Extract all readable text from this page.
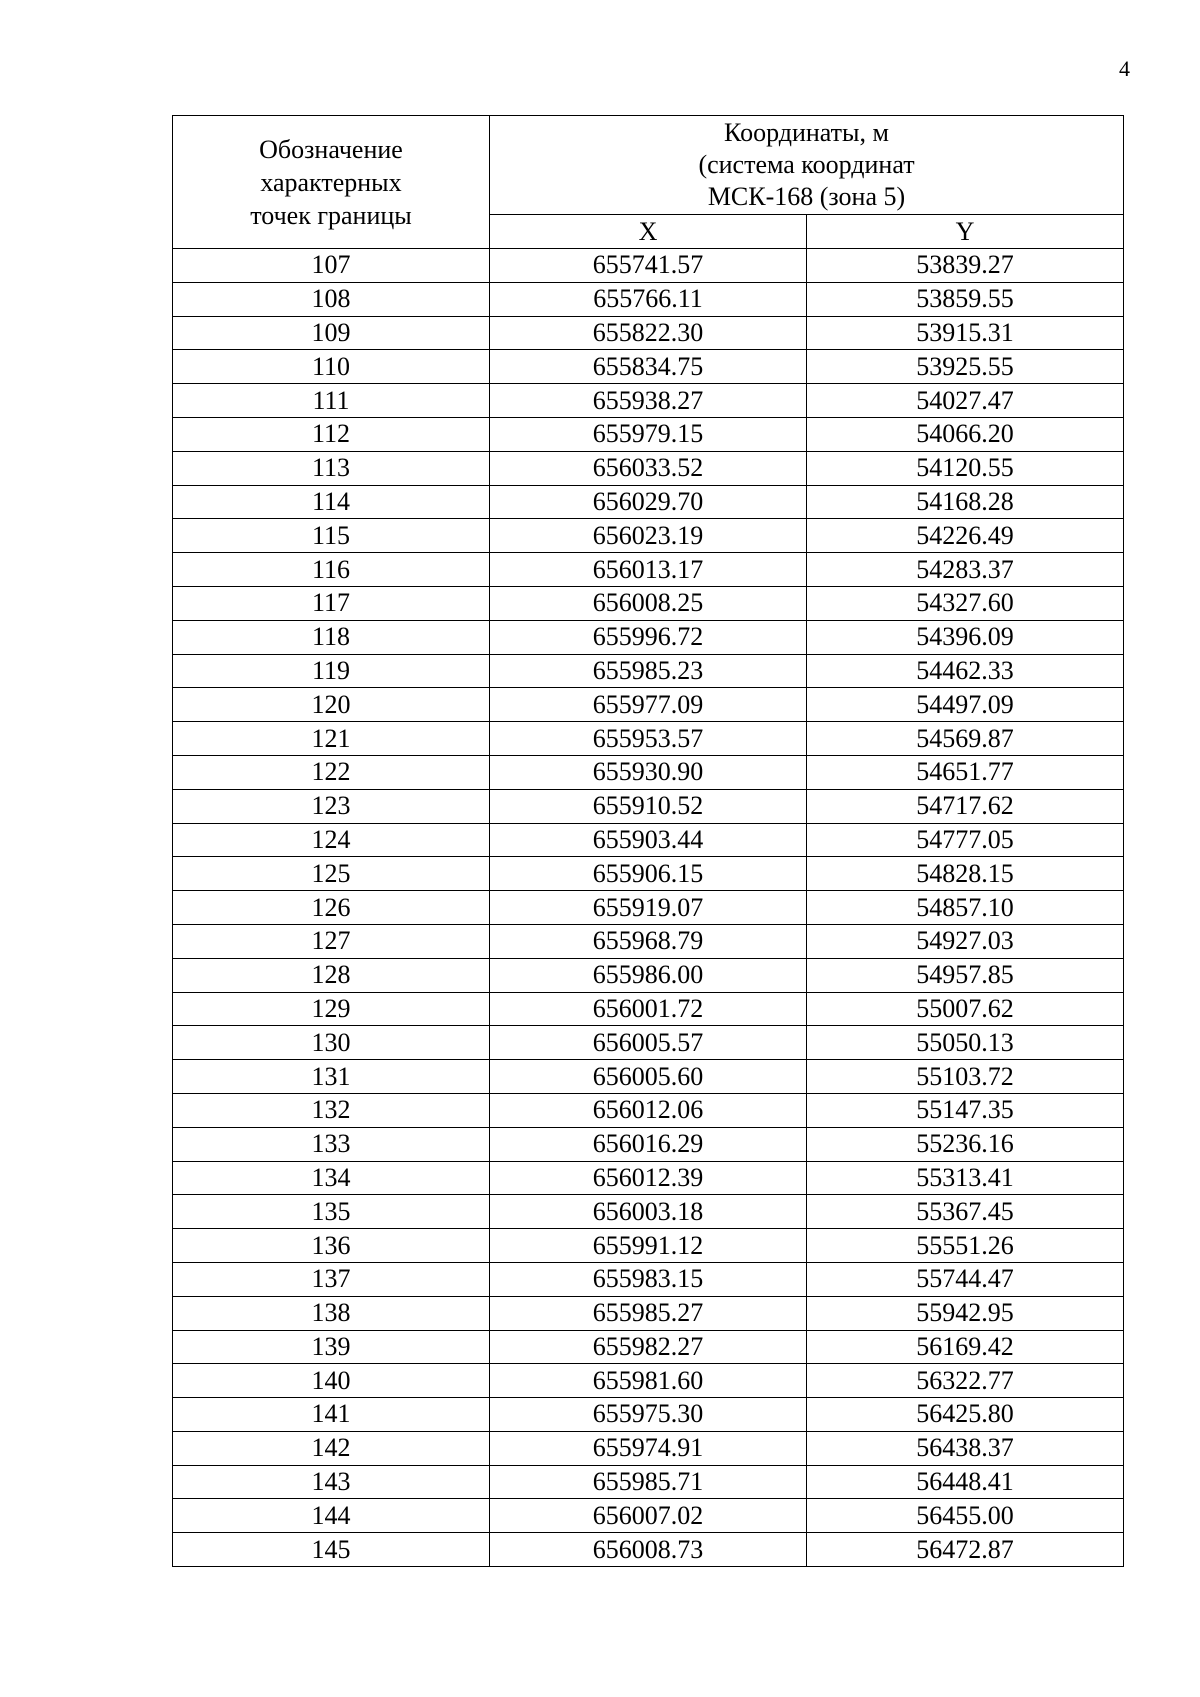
4
Обозначение
характерных
точек границы	Координаты, м
(система координат
МСК-168 (зона 5)	

	X	Y
107	655741.57	53839.27
108	655766.11	53859.55
109	655822.30	53915.31
110	655834.75	53925.55
111	655938.27	54027.47
112	655979.15	54066.20
113	656033.52	54120.55
114	656029.70	54168.28
115	656023.19	54226.49
116	656013.17	54283.37
117	656008.25	54327.60
118	655996.72	54396.09
119	655985.23	54462.33
120	655977.09	54497.09
121	655953.57	54569.87
122	655930.90	54651.77
123	655910.52	54717.62
124	655903.44	54777.05
125	655906.15	54828.15
126	655919.07	54857.10
127	655968.79	54927.03
128	655986.00	54957.85
129	656001.72	55007.62
130	656005.57	55050.13
131	656005.60	55103.72
132	656012.06	55147.35
133	656016.29	55236.16
134	656012.39	55313.41
135	656003.18	55367.45
136	655991.12	55551.26
137	655983.15	55744.47
138	655985.27	55942.95
139	655982.27	56169.42
140	655981.60	56322.77
141	655975.30	56425.80
142	655974.91	56438.37
143	655985.71	56448.41
144	656007.02	56455.00
145	656008.73	56472.87
